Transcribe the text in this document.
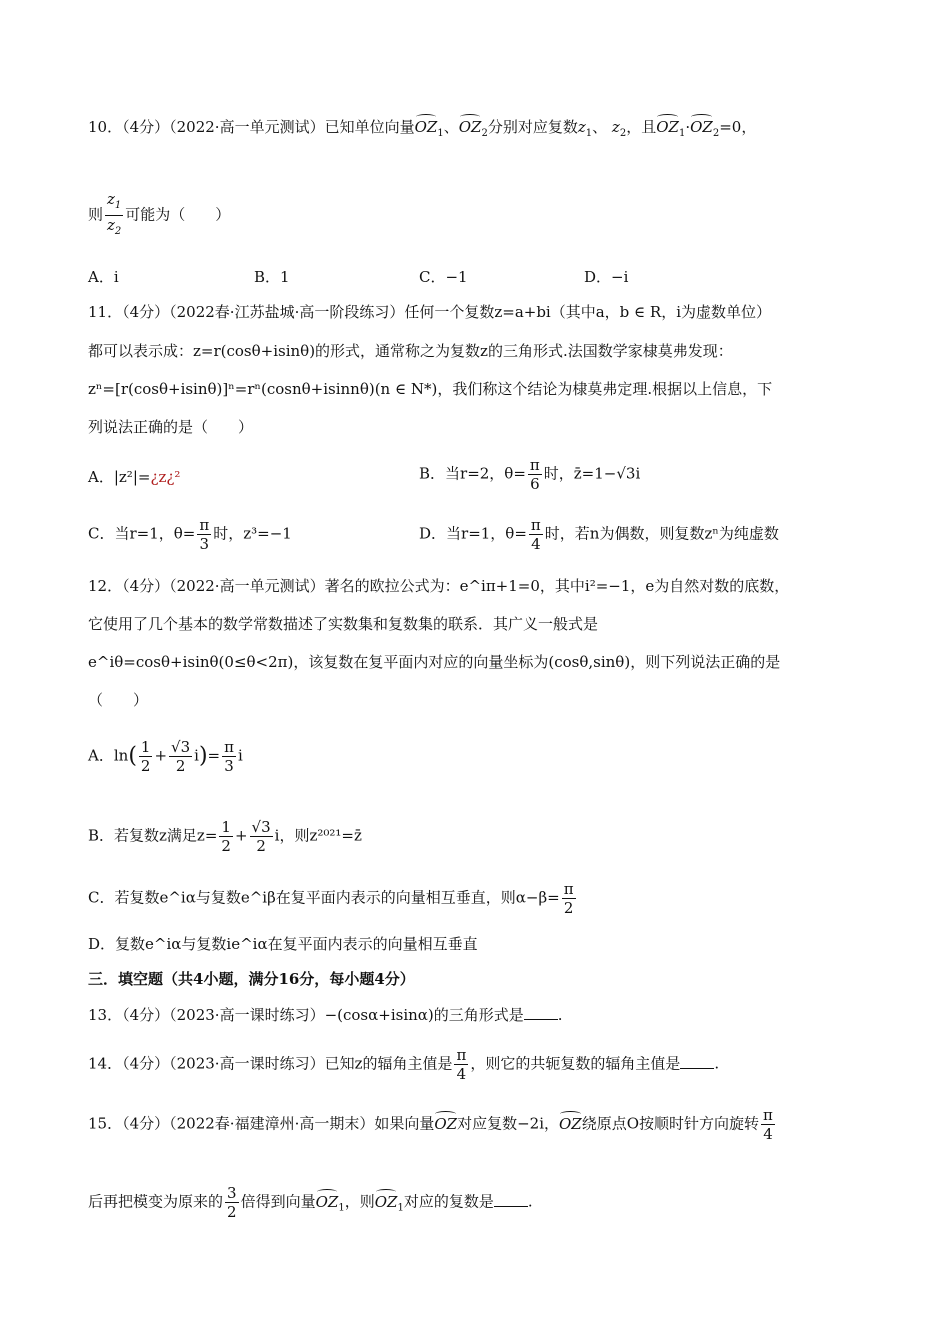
10．（4分）（2022·高一单元测试）已知单位向量$OZ_1$、$OZ_2$分别对应复数$z_1$、 $z_2$，且$OZ_1\cdot OZ_2=0$，
则 $\frac{z_1}{z_2}$ 可能为（　　）
A．i	B．1	C．−1	D．−i
11．（4分）（2022春·江苏盐城·高一阶段练习）任何一个复数z=a+bi（其中a，b ∈ R，i为虚数单位）
都可以表示成：z=r(cosθ+isinθ)的形式，通常称之为复数z的三角形式.法国数学家棣莫弗发现：
zⁿ=[r(cosθ+isinθ)]ⁿ=rⁿ(cosnθ+isinnθ)(n ∈ N*)，我们称这个结论为棣莫弗定理.根据以上信息，下
列说法正确的是（　　）
A．|z²|=¿z¿²	B．当r=2，$\theta= \frac{\pi}{6}$ 时，z̄=1−√3i
C．当r=1，$\theta= \frac{\pi}{3}$ 时，z³=−1	D．当r=1，$\theta= \frac{\pi}{4}$ 时，若n为偶数，则复数zⁿ为纯虚数
12．（4分）（2022·高一单元测试）著名的欧拉公式为：e^iπ+1=0，其中i²=−1，e为自然对数的底数，
它使用了几个基本的数学常数描述了实数集和复数集的联系．其广义一般式是
e^iθ=cosθ+isinθ(0≤θ<2π)，该复数在复平面内对应的向量坐标为(cosθ,sinθ)，则下列说法正确的是
（　　）
A．$\ln( \frac{1}{2} + \frac{√3}{2} i)= \frac{\pi}{3}$ i
B．若复数z满足$z= \frac{1}{2} + \frac{√3}{2}$ i，则z²⁰²¹=z̄
C．若复数e^iα与复数e^iβ在复平面内表示的向量相互垂直，则$\alpha-\beta= \frac{\pi}{2}$
D．复数e^iα与复数ie^iα在复平面内表示的向量相互垂直
三．填空题（共4小题，满分16分，每小题4分）
13．（4分）（2023·高一课时练习）−(cosα+isinα)的三角形式是 .
14．（4分）（2023·高一课时练习）已知z的辐角主值是 $\frac{\pi}{4}$ ，则它的共轭复数的辐角主值是 .
15．（4分）（2022春·福建漳州·高一期末）如果向量OZ对应复数−2i，OZ绕原点O按顺时针方向旋转 $\frac{\pi}{4}$
后再把模变为原来的 $\frac{3}{2}$ 倍得到向量$OZ_1$，则$OZ_1$对应的复数是 .
